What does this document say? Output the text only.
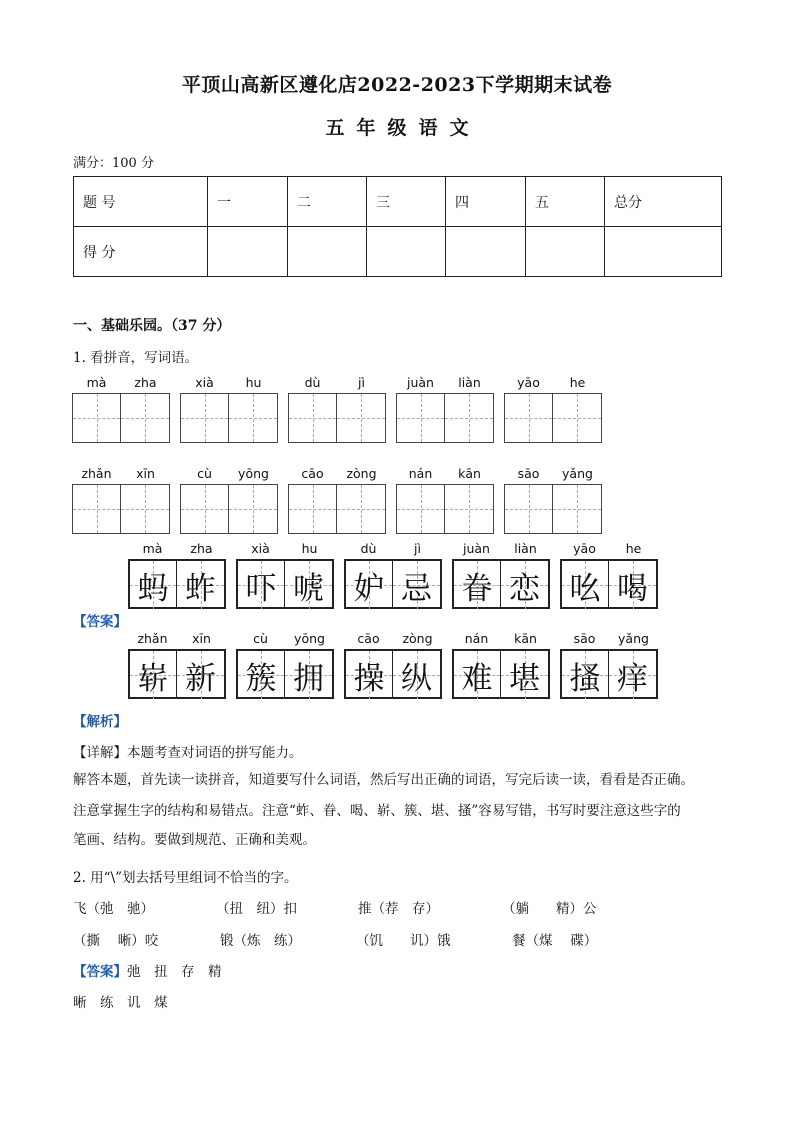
平顶山高新区遵化店2022-2023下学期期末试卷
五年级语文
满分：100 分
题 号	一	二	三	四	五	总分
得 分						
一、基础乐园。（37 分）
1. 看拼音，写词语。
mà	zha	xià	hu	dù	jì	juàn	liàn	yāo	he
zhǎn	xīn	cù	yōng	cāo	zòng	nán	kān	sāo	yǎng
【答案】
mà	zha
蚂 蚱
xià	hu
吓 唬
dù	jì
妒 忌
juàn	liàn
眷 恋
yāo	he
吆 喝
zhǎn	xīn
崭 新
cù	yōng
簇 拥
cāo	zòng
操 纵
nán	kān
难 堪
sāo	yǎng
搔 痒
【解析】
【详解】本题考查对词语的拼写能力。
解答本题，首先读一读拼音，知道要写什么词语，然后写出正确的词语，写完后读一读，看看是否正确。
注意掌握生字的结构和易错点。注意“蚱、眷、喝、崭、簇、堪、搔”容易写错，书写时要注意这些字的
笔画、结构。要做到规范、正确和美观。
2. 用“\”划去括号里组词不恰当的字。
飞（弛　驰）	（扭　纽）扣	推（荐　存）	（躺　　精）公
（撕　 晰）咬	锻（炼　练）	（饥　　讥）饿	餐（煤　 碟）
【答案】弛　扭　存　精
晰　练　讥　煤
